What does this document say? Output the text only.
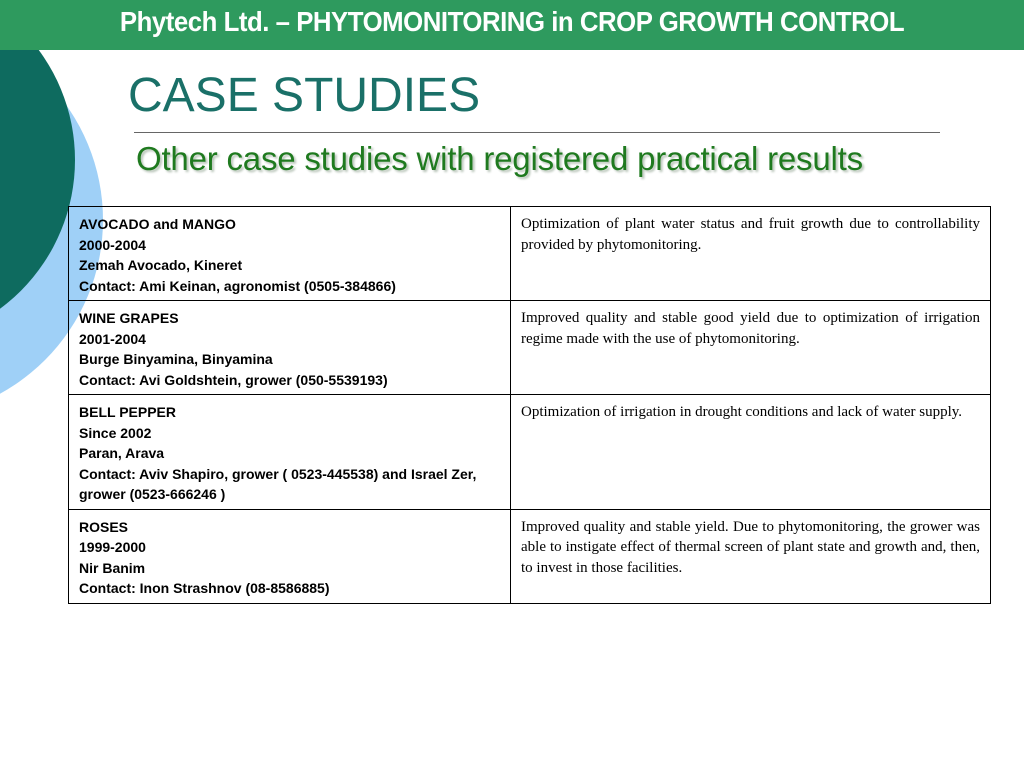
Phytech Ltd. – PHYTOMONITORING in CROP GROWTH CONTROL
CASE STUDIES
Other case studies with registered practical results
AVOCADO and MANGO
2000-2004
Zemah Avocado, Kineret
Contact: Ami Keinan, agronomist (0505-384866)	Optimization of plant water status and fruit growth due to controllability provided by phytomonitoring.

WINE GRAPES
2001-2004
Burge Binyamina, Binyamina
Contact: Avi Goldshtein, grower (050-5539193)	Improved quality and stable good yield due to optimization of irrigation regime made with the use of phytomonitoring.

BELL PEPPER
Since 2002
Paran, Arava
Contact: Aviv Shapiro, grower ( 0523-445538) and Israel Zer, grower (0523-666246 )	Optimization of irrigation in drought conditions and lack of water supply.

ROSES
1999-2000
Nir Banim
Contact: Inon Strashnov (08-8586885)	Improved quality and stable yield. Due to phytomonitoring, the grower was able to instigate effect of thermal screen of plant state and growth and, then, to invest in those facilities.
